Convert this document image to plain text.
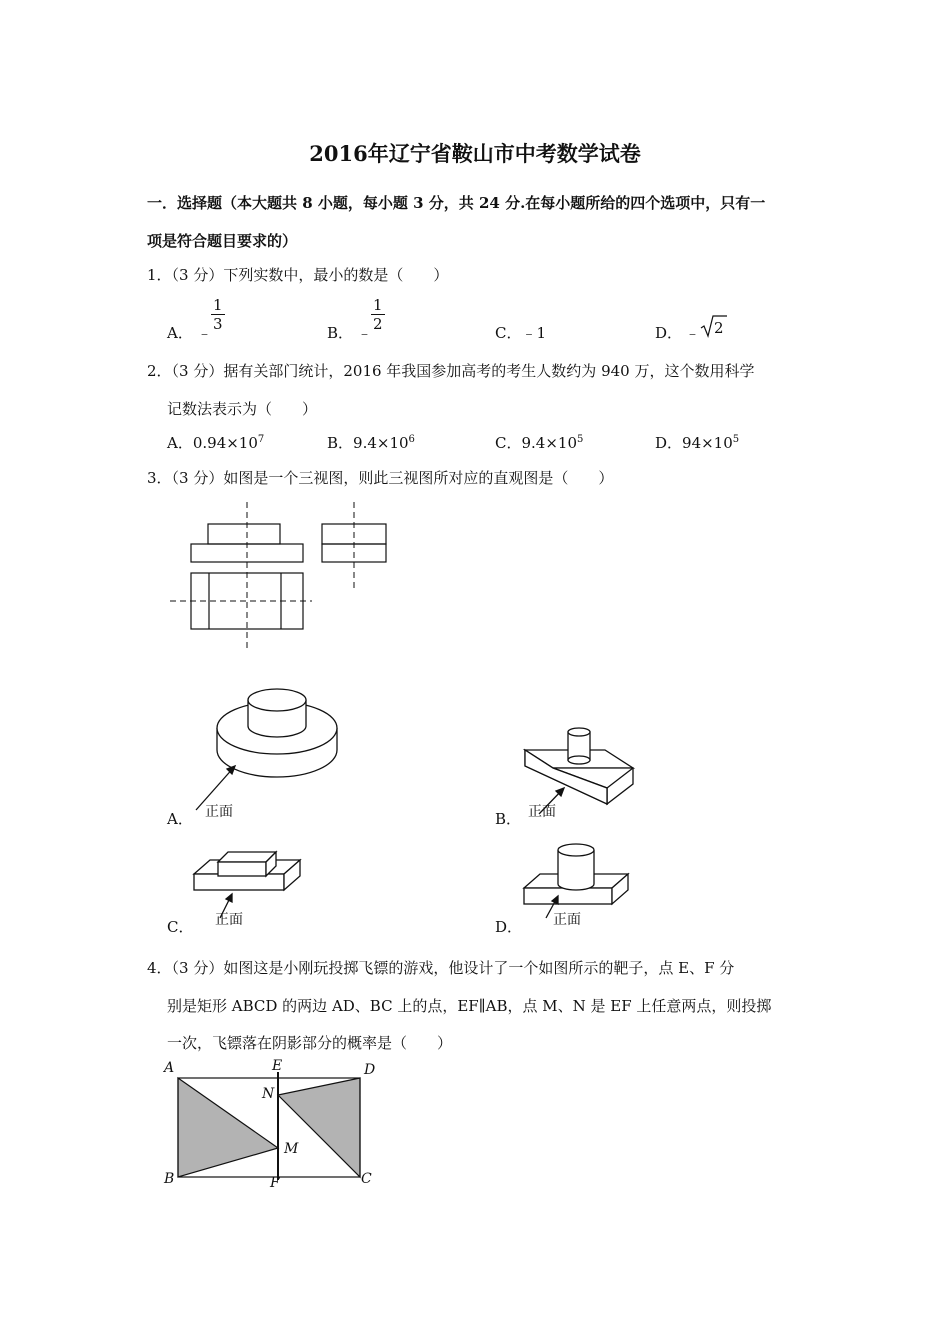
2016年辽宁省鞍山市中考数学试卷
一．选择题（本大题共 8 小题，每小题 3 分，共 24 分.在每小题所给的四个选项中，只有一
项是符合题目要求的）
1．（3 分）下列实数中，最小的数是（　　）
A． ﹣
$\frac{1}{3}$	B． ﹣
$\frac{1}{2}$	C．﹣1	D． ﹣ 2
2．（3 分）据有关部门统计，2016 年我国参加高考的考生人数约为 940 万，这个数用科学
记数法表示为（　　）
A．$0.94\times 10^7$	B．$9.4\times 10^6$	C．$9.4\times 10^5$	D．$94\times 10^5$
3．（3 分）如图是一个三视图，则此三视图所对应的直观图是（　　）
A． 正面	B． 正面
C． 正面	D． 正面
4．（3 分）如图这是小刚玩投掷飞镖的游戏，他设计了一个如图所示的靶子，点 E、F 分
别是矩形 ABCD 的两边 AD、BC 上的点，EF∥AB，点 M、N 是 EF 上任意两点，则投掷
一次，飞镖落在阴影部分的概率是（　　）
A
B	C
D
E
F
M
N
